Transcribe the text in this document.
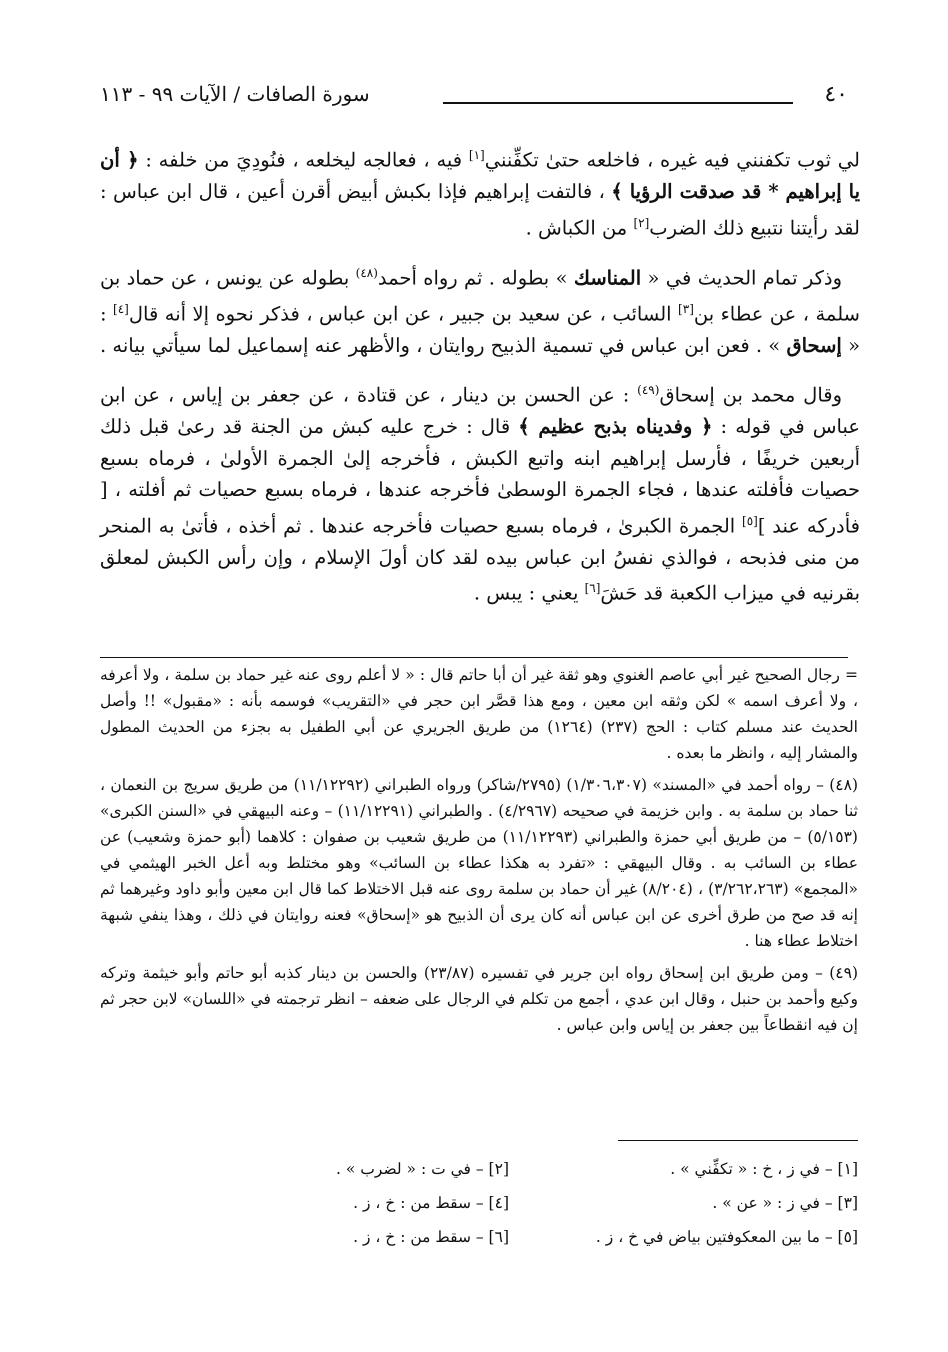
٤٠
سورة الصافات / الآيات ٩٩ - ١١٣

لي ثوب تكفنني فيه غيره ، فاخلعه حتىٰ تكفِّنني[١] فيه ، فعالجه ليخلعه ، فنُودِيَ من خلفه : ﴿ أن يا إبراهيم * قد صدقت الرؤيا ﴾ ، فالتفت إبراهيم فإذا بكبش أبيض أقرن أعين ، قال ابن عباس : لقد رأيتنا نتبيع ذلك الضرب[٢] من الكباش .

وذكر تمام الحديث في « المناسك » بطوله . ثم رواه أحمد$^{(٤٨)}$ بطوله عن يونس ، عن حماد بن سلمة ، عن عطاء بن[٣] السائب ، عن سعيد بن جبير ، عن ابن عباس ، فذكر نحوه إلا أنه قال[٤] : « إسحاق » . فعن ابن عباس في تسمية الذبيح روايتان ، والأظهر عنه إسماعيل لما سيأتي بيانه .

وقال محمد بن إسحاق$^{(٤٩)}$ : عن الحسن بن دينار ، عن قتادة ، عن جعفر بن إياس ، عن ابن عباس في قوله : ﴿ وفديناه بذبح عظيم ﴾ قال : خرج عليه كبش من الجنة قد رعىٰ قبل ذلك أربعين خريفًا ، فأرسل إبراهيم ابنه واتبع الكبش ، فأخرجه إلىٰ الجمرة الأولىٰ ، فرماه بسبع حصيات فأفلته عندها ، فجاء الجمرة الوسطىٰ فأخرجه عندها ، فرماه بسبع حصيات ثم أفلته ، [ فأدركه عند ][٥] الجمرة الكبرىٰ ، فرماه بسبع حصيات فأخرجه عندها . ثم أخذه ، فأتىٰ به المنحر من منى فذبحه ، فوالذي نفسُ ابن عباس بيده لقد كان أولَ الإسلام ، وإن رأس الكبش لمعلق بقرنيه في ميزاب الكعبة قد حَشَ[٦] يعني : يبس .

= رجال الصحيح غير أبي عاصم الغنوي وهو ثقة غير أن أبا حاتم قال : « لا أعلم روى عنه غير حماد بن سلمة ، ولا أعرفه ، ولا أعرف اسمه » لكن وثقه ابن معين ، ومع هذا قصَّر ابن حجر في «التقريب» فوسمه بأنه : «مقبول» !! وأصل الحديث عند مسلم كتاب : الحج (٢٣٧) (١٢٦٤) من طريق الجريري عن أبي الطفيل به بجزء من الحديث المطول والمشار إليه ، وانظر ما بعده .

(٤٨) – رواه أحمد في «المسند» (١/٣٠٦،٣٠٧) (٢٧٩٥/شاكر) ورواه الطبراني (١١/١٢٢٩٢) من طريق سريج بن النعمان ، ثنا حماد بن سلمة به . وابن خزيمة في صحيحه (٤/٢٩٦٧) . والطبراني (١١/١٢٢٩١) – وعنه البيهقي في «السنن الكبرى» (٥/١٥٣) – من طريق أبي حمزة والطبراني (١١/١٢٢٩٣) من طريق شعيب بن صفوان : كلاهما (أبو حمزة وشعيب) عن عطاء بن السائب به . وقال البيهقي : «تفرد به هكذا عطاء بن السائب» وهو مختلط وبه أعل الخبر الهيثمي في «المجمع» (٣/٢٦٢،٢٦٣) ، (٨/٢٠٤) غير أن حماد بن سلمة روى عنه قبل الاختلاط كما قال ابن معين وأبو داود وغيرهما ثم إنه قد صح من طرق أخرى عن ابن عباس أنه كان يرى أن الذبيح هو «إسحاق» فعنه روايتان في ذلك ، وهذا ينفي شبهة اختلاط عطاء هنا .

(٤٩) – ومن طريق ابن إسحاق رواه ابن جرير في تفسيره (٢٣/٨٧) والحسن بن دينار كذبه أبو حاتم وأبو خيثمة وتركه وكيع وأحمد بن حنبل ، وقال ابن عدي ، أجمع من تكلم في الرجال على ضعفه – انظر ترجمته في «اللسان» لابن حجر ثم إن فيه انقطاعاً بين جعفر بن إياس وابن عباس .

[١] – في ز ، خ : « تكفِّني » .
[٢] – في ت : « لضرب » .
[٣] – في ز : « عن » .
[٤] – سقط من : خ ، ز .
[٥] – ما بين المعكوفتين بياض في خ ، ز .
[٦] – سقط من : خ ، ز .
